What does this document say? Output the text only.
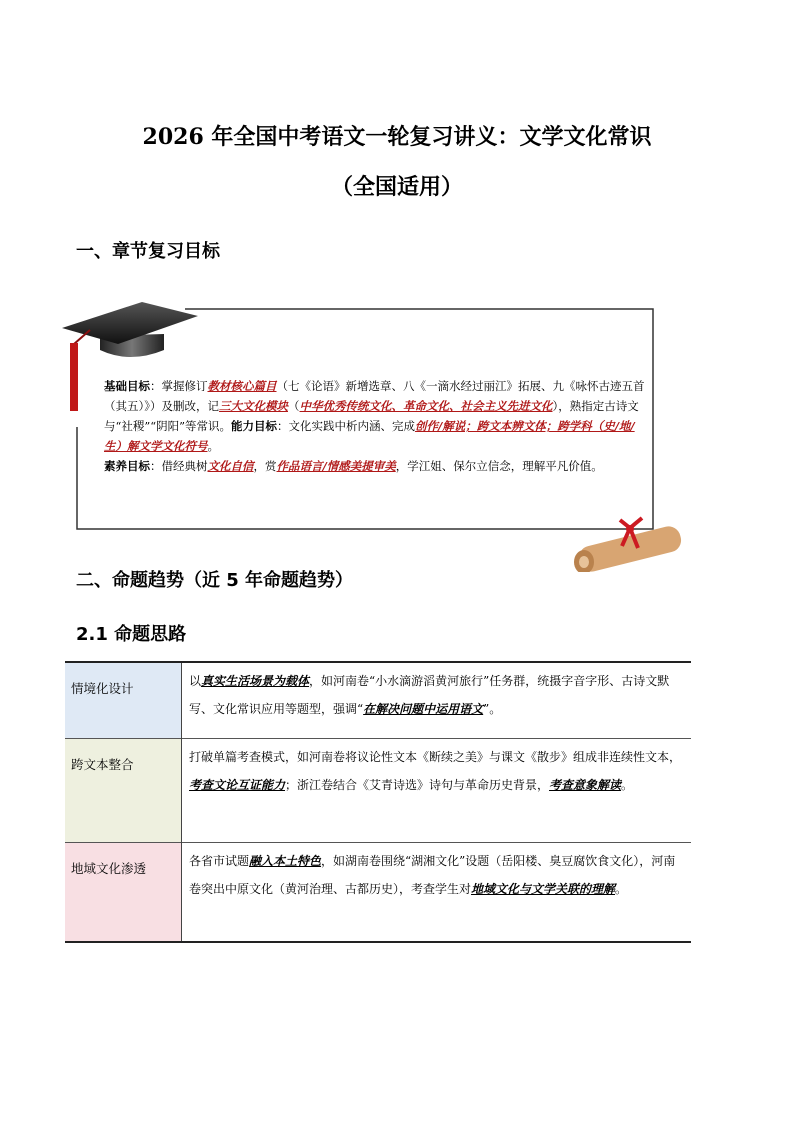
2026 年全国中考语文一轮复习讲义：文学文化常识
（全国适用）
一、章节复习目标
基础目标：掌握修订教材核心篇目（七《论语》新增选章、八《一滴水经过丽江》拓展、九《咏怀古迹五首（其五）》）及删改，记三大文化模块（中华优秀传统文化、革命文化、社会主义先进文化），熟指定古诗文与“社稷”“阴阳”等常识。能力目标：文化实践中析内涵、完成创作/解说；跨文本辨文体；跨学科（史/地/生）解文学文化符号。
素养目标：借经典树文化自信，赏作品语言/情感美提审美，学江姐、保尔立信念，理解平凡价值。
二、命题趋势（近 5 年命题趋势）
2.1 命题思路
情境化设计	以真实生活场景为载体，如河南卷“小水滴游滔黄河旅行”任务群，统摄字音字形、古诗文默写、文化常识应用等题型，强调“在解决问题中运用语文”。
跨文本整合	打破单篇考查模式，如河南卷将议论性文本《断续之美》与课文《散步》组成非连续性文本，考查文论互证能力；浙江卷结合《艾青诗选》诗句与革命历史背景，考查意象解读。
地域文化渗透	各省市试题融入本土特色，如湖南卷围绕“湖湘文化”设题（岳阳楼、臭豆腐饮食文化），河南卷突出中原文化（黄河治理、古都历史），考查学生对地域文化与文学关联的理解。
